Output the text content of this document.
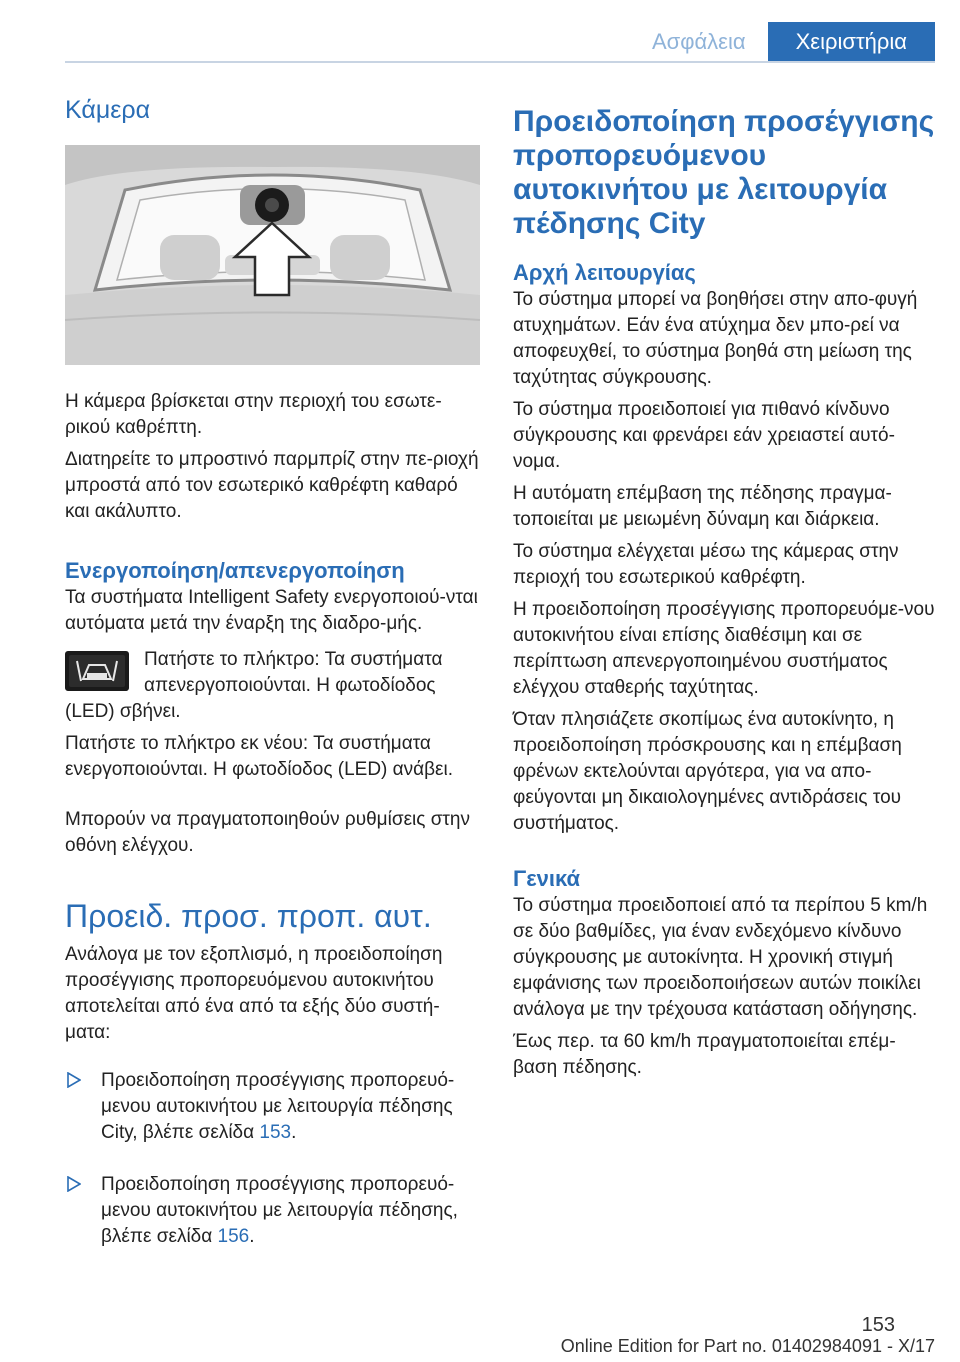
Ασφάλεια	Χειριστήρια
Κάμερα

Η κάμερα βρίσκεται στην περιοχή του εσωτε-ρικού καθρέπτη.

Διατηρείτε το μπροστινό παρμπρίζ στην πε-ριοχή μπροστά από τον εσωτερικό καθρέφτη καθαρό και ακάλυπτο.

Ενεργοποίηση/απενεργοποίηση

Τα συστήματα Intelligent Safety ενεργοποιού-νται αυτόματα μετά την έναρξη της διαδρο-μής.

Πατήστε το πλήκτρο: Τα συστήματα απενεργοποιούνται. Η φωτοδίοδος

(LED) σβήνει.

Πατήστε το πλήκτρο εκ νέου: Τα συστήματα ενεργοποιούνται. Η φωτοδίοδος (LED) ανάβει.

Μπορούν να πραγματοποιηθούν ρυθμίσεις στην οθόνη ελέγχου.

Προειδ. προσ. προπ. αυτ.

Ανάλογα με τον εξοπλισμό, η προειδοποίηση προσέγγισης προπορευόμενου αυτοκινήτου αποτελείται από ένα από τα εξής δύο συστή-ματα:

Προειδοποίηση προσέγγισης προπορευό-μενου αυτοκινήτου με λειτουργία πέδησης City, βλέπε σελίδα 153.

Προειδοποίηση προσέγγισης προπορευό-μενου αυτοκινήτου με λειτουργία πέδησης, βλέπε σελίδα 156.

Προειδοποίηση προσέγγισης προπορευόμενου αυτοκινήτου με λειτουργία πέδησης City
Αρχή λειτουργίας

Το σύστημα μπορεί να βοηθήσει στην απο-φυγή ατυχημάτων. Εάν ένα ατύχημα δεν μπο-ρεί να αποφευχθεί, το σύστημα βοηθά στη μείωση της ταχύτητας σύγκρουσης.

Το σύστημα προειδοποιεί για πιθανό κίνδυνο σύγκρουσης και φρενάρει εάν χρειαστεί αυτό-νομα.

Η αυτόματη επέμβαση της πέδησης πραγμα-τοποιείται με μειωμένη δύναμη και διάρκεια.

Το σύστημα ελέγχεται μέσω της κάμερας στην περιοχή του εσωτερικού καθρέφτη.

Η προειδοποίηση προσέγγισης προπορευόμε-νου αυτοκινήτου είναι επίσης διαθέσιμη και σε περίπτωση απενεργοποιημένου συστήματος ελέγχου σταθερής ταχύτητας.

Όταν πλησιάζετε σκοπίμως ένα αυτοκίνητο, η προειδοποίηση πρόσκρουσης και η επέμβαση φρένων εκτελούνται αργότερα, για να απο-φεύγονται μη δικαιολογημένες αντιδράσεις του συστήματος.

Γενικά

Το σύστημα προειδοποιεί από τα περίπου 5 km/h σε δύο βαθμίδες, για έναν ενδεχόμενο κίνδυνο σύγκρουσης με αυτοκίνητα. Η χρονική στιγμή εμφάνισης των προειδοποιήσεων αυτών ποικίλει ανάλογα με την τρέχουσα κατάσταση οδήγησης.

Έως περ. τα 60 km/h πραγματοποιείται επέμ-βαση πέδησης.

153
Online Edition for Part no. 01402984091 - X/17
